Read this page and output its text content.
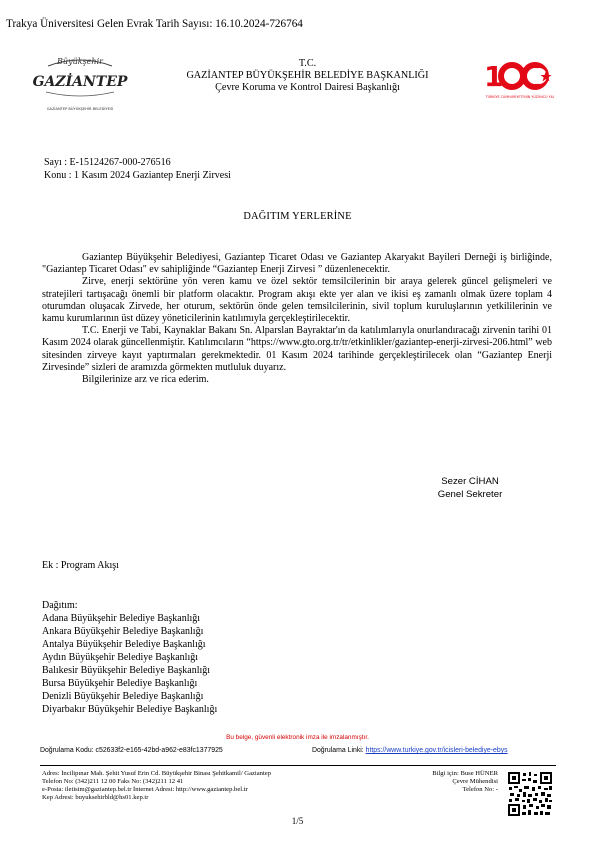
Trakya Üniversitesi Gelen Evrak Tarih Sayısı: 16.10.2024-726764
Büyükşehir
GAZİANTEP
GAZİANTEP BÜYÜKŞEHİR BELEDİYESİ
T.C.
GAZİANTEP BÜYÜKŞEHİR BELEDİYE BAŞKANLIĞI
Çevre Koruma ve Kontrol Dairesi Başkanlığı	1
TÜRKİYE CUMHURİYETİ'NİN YÜZÜNCÜ YILI
Sayı : E-15124267-000-276516
Konu : 1 Kasım 2024 Gaziantep Enerji Zirvesi
DAĞITIM YERLERİNE

Gaziantep Büyükşehir Belediyesi, Gaziantep Ticaret Odası ve Gaziantep Akaryakıt Bayileri Derneği iş birliğinde, "Gaziantep Ticaret Odası" ev sahipliğinde “Gaziantep Enerji Zirvesi ” düzenlenecektir.

Zirve, enerji sektörüne yön veren kamu ve özel sektör temsilcilerinin bir araya gelerek güncel gelişmeleri ve stratejileri tartışacağı önemli bir platform olacaktır. Program akışı ekte yer alan ve ikisi eş zamanlı olmak üzere toplam 4 oturumdan oluşacak Zirvede, her oturum, sektörün önde gelen temsilcilerinin, sivil toplum kuruluşlarının yetkililerinin ve kamu kurumlarının üst düzey yöneticilerinin katılımıyla gerçekleştirilecektir.

T.C. Enerji ve Tabi, Kaynaklar Bakanı Sn. Alparslan Bayraktar'ın da katılımlarıyla onurlandıracağı zirvenin tarihi 01 Kasım 2024 olarak güncellenmiştir. Katılımcıların “https://www.gto.org.tr/tr/etkinlikler/gaziantep-enerji-zirvesi-206.html” web sitesinden zirveye kayıt yaptırmaları gerekmektedir. 01 Kasım 2024 tarihinde gerçekleştirilecek olan “Gaziantep Enerji Zirvesinde” sizleri de aramızda görmekten mutluluk duyarız.

Bilgilerinize arz ve rica ederim.

Sezer CİHAN
Genel Sekreter
Ek : Program Akışı
Dağıtım:
Adana Büyükşehir Belediye Başkanlığı
Ankara Büyükşehir Belediye Başkanlığı
Antalya Büyükşehir Belediye Başkanlığı
Aydın Büyükşehir Belediye Başkanlığı
Balıkesir Büyükşehir Belediye Başkanlığı
Bursa Büyükşehir Belediye Başkanlığı
Denizli Büyükşehir Belediye Başkanlığı
Diyarbakır Büyükşehir Belediye Başkanlığı
Bu belge, güvenli elektronik imza ile imzalanmıştır.
Doğrulama Kodu: c52633f2-e165-42bd-a962-e83fc1377925	Doğrulama Linki: https://www.turkiye.gov.tr/icisleri-belediye-ebys
Adres: İncilipınar Mah. Şehit Yusuf Erin Cd. Büyükşehir Binası Şehitkamil/ Gaziantep
Telefon No: (342)211 12 00 Faks No: (342)211 12 41
e-Posta: iletisim@gaziantep.bel.tr İnternet Adresi: http://www.gaziantep.bel.tr
Kep Adresi: buyuksehirbld@hs01.kep.tr
Bilgi için: Buse HÜNER
Çevre Mühendisi
Telefon No: -
1/5
